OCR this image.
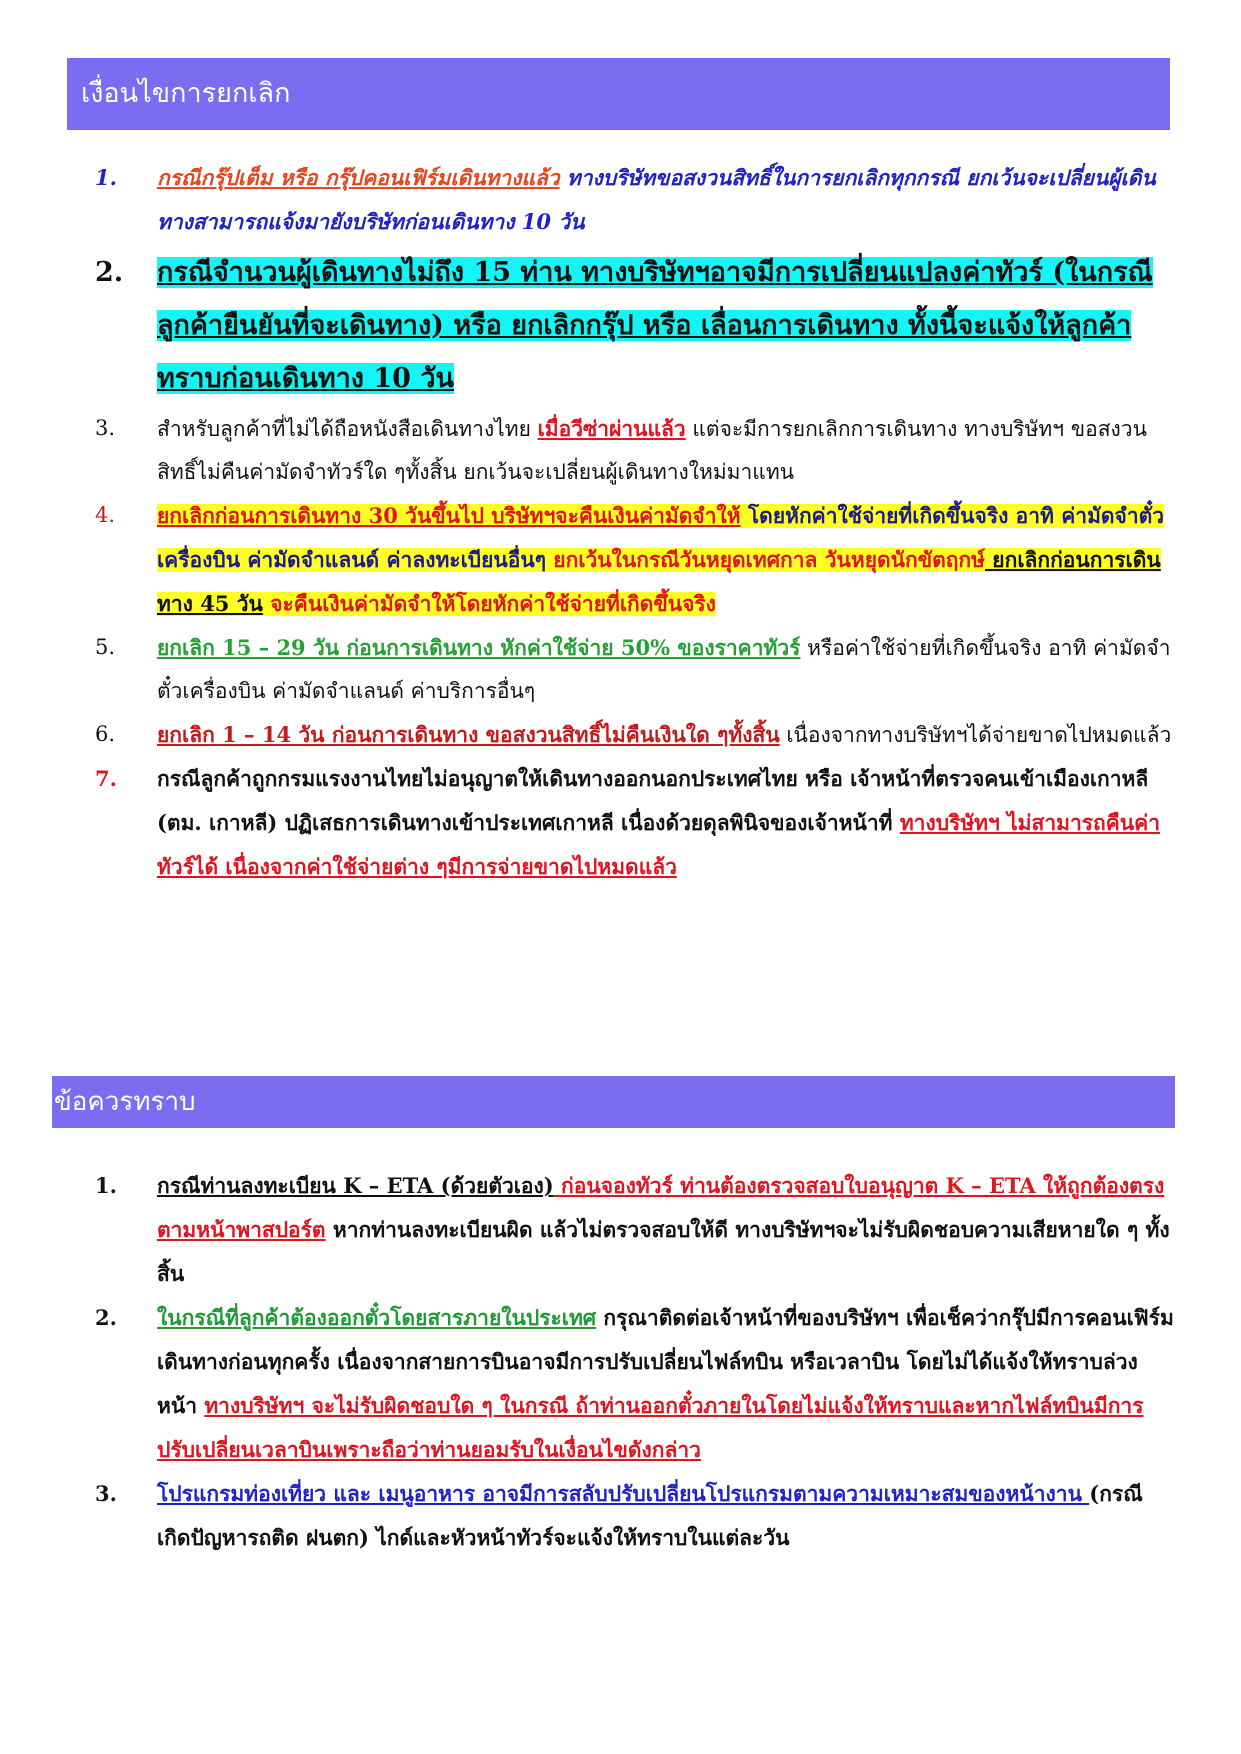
เงื่อนไขการยกเลิก
1. กรณีกรุ๊ปเต็ม หรือ กรุ๊ปคอนเฟิร์มเดินทางแล้ว ทางบริษัทขอสงวนสิทธิ์ในการยกเลิกทุกกรณี ยกเว้นจะเปลี่ยนผู้เดินทางสามารถแจ้งมายังบริษัทก่อนเดินทาง 10 วัน
2. กรณีจำนวนผู้เดินทางไม่ถึง 15 ท่าน ทางบริษัทฯอาจมีการเปลี่ยนแปลงค่าทัวร์ (ในกรณีลูกค้ายืนยันที่จะเดินทาง) หรือ ยกเลิกกรุ๊ป หรือ เลื่อนการเดินทาง ทั้งนี้จะแจ้งให้ลูกค้าทราบก่อนเดินทาง 10 วัน
3. สำหรับลูกค้าที่ไม่ได้ถือหนังสือเดินทางไทย เมื่อวีซ่าผ่านแล้ว แต่จะมีการยกเลิกการเดินทาง ทางบริษัทฯ ขอสงวนสิทธิ์ไม่คืนค่ามัดจำทัวร์ใด ๆทั้งสิ้น ยกเว้นจะเปลี่ยนผู้เดินทางใหม่มาแทน
4. ยกเลิกก่อนการเดินทาง 30 วันขึ้นไป บริษัทฯจะคืนเงินค่ามัดจำให้ โดยหักค่าใช้จ่ายที่เกิดขึ้นจริง อาทิ ค่ามัดจำตั๋วเครื่องบิน ค่ามัดจำแลนด์ ค่าลงทะเบียนอื่นๆ ยกเว้นในกรณีวันหยุดเทศกาล วันหยุดนักขัตฤกษ์ ยกเลิกก่อนการเดินทาง 45 วัน จะคืนเงินค่ามัดจำให้โดยหักค่าใช้จ่ายที่เกิดขึ้นจริง
5. ยกเลิก 15 – 29 วัน ก่อนการเดินทาง หักค่าใช้จ่าย 50% ของราคาทัวร์ หรือค่าใช้จ่ายที่เกิดขึ้นจริง อาทิ ค่ามัดจำตั๋วเครื่องบิน ค่ามัดจำแลนด์ ค่าบริการอื่นๆ
6. ยกเลิก 1 – 14 วัน ก่อนการเดินทาง ขอสงวนสิทธิ์ไม่คืนเงินใด ๆทั้งสิ้น เนื่องจากทางบริษัทฯได้จ่ายขาดไปหมดแล้ว
7. กรณีลูกค้าถูกกรมแรงงานไทยไม่อนุญาตให้เดินทางออกนอกประเทศไทย หรือ เจ้าหน้าที่ตรวจคนเข้าเมืองเกาหลี (ตม. เกาหลี) ปฏิเสธการเดินทางเข้าประเทศเกาหลี เนื่องด้วยดุลพินิจของเจ้าหน้าที่ ทางบริษัทฯ ไม่สามารถคืนค่าทัวร์ได้ เนื่องจากค่าใช้จ่ายต่าง ๆมีการจ่ายขาดไปหมดแล้ว
ข้อควรทราบ
1. กรณีท่านลงทะเบียน K – ETA (ด้วยตัวเอง) ก่อนจองทัวร์ ท่านต้องตรวจสอบใบอนุญาต K – ETA ให้ถูกต้องตรงตามหน้าพาสปอร์ต หากท่านลงทะเบียนผิด แล้วไม่ตรวจสอบให้ดี ทางบริษัทฯจะไม่รับผิดชอบความเสียหายใด ๆ ทั้งสิ้น
2. ในกรณีที่ลูกค้าต้องออกตั๋วโดยสารภายในประเทศ กรุณาติดต่อเจ้าหน้าที่ของบริษัทฯ เพื่อเช็คว่ากรุ๊ปมีการคอนเฟิร์มเดินทางก่อนทุกครั้ง เนื่องจากสายการบินอาจมีการปรับเปลี่ยนไฟล์ทบิน หรือเวลาบิน โดยไม่ได้แจ้งให้ทราบล่วงหน้า ทางบริษัทฯ จะไม่รับผิดชอบใด ๆ ในกรณี ถ้าท่านออกตั๋วภายในโดยไม่แจ้งให้ทราบและหากไฟล์ทบินมีการปรับเปลี่ยนเวลาบินเพราะถือว่าท่านยอมรับในเงื่อนไขดังกล่าว
3. โปรแกรมท่องเที่ยว และ เมนูอาหาร อาจมีการสลับปรับเปลี่ยนโปรแกรมตามความเหมาะสมของหน้างาน (กรณีเกิดปัญหารถติด ฝนตก) ไกด์และหัวหน้าทัวร์จะแจ้งให้ทราบในแต่ละวัน
